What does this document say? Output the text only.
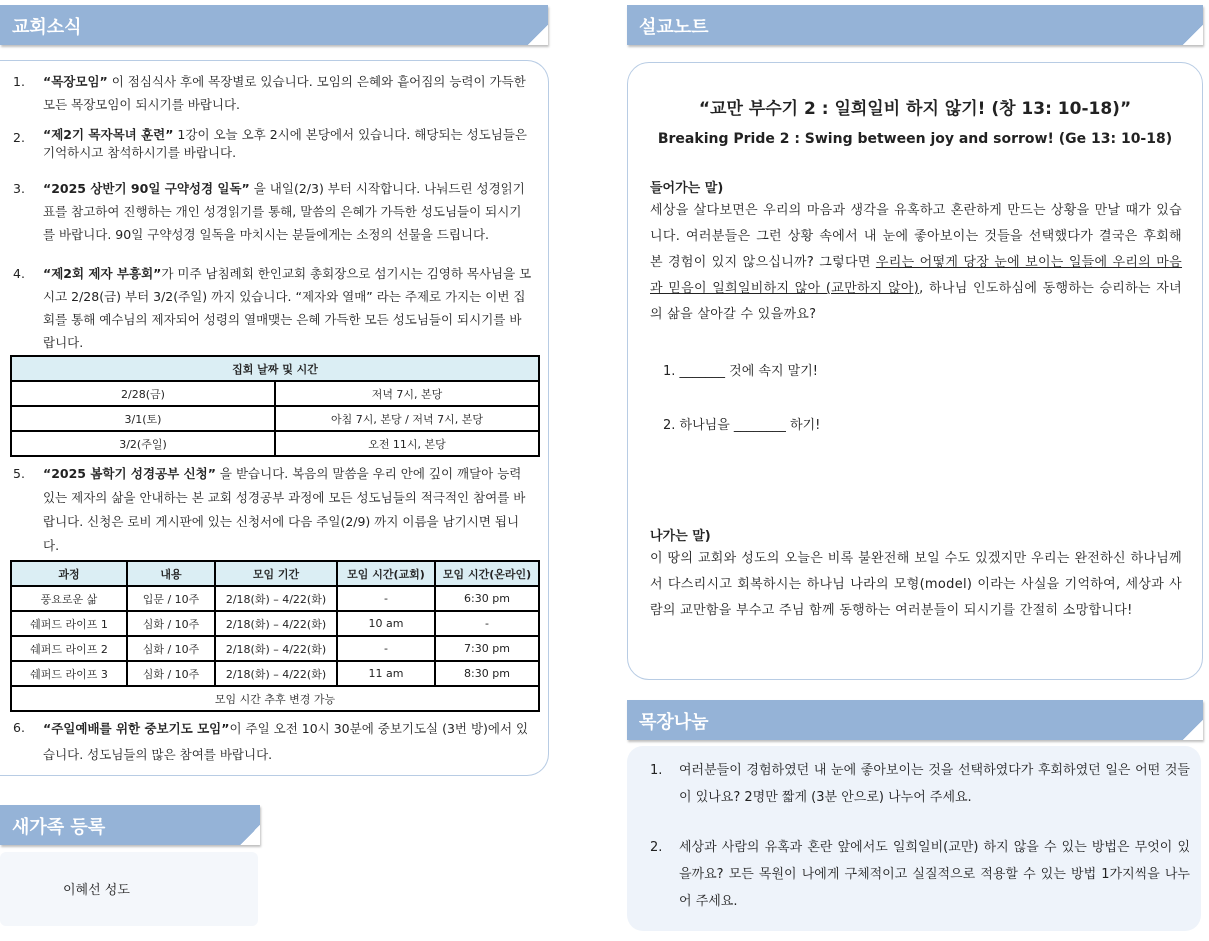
교회소식
1. “목장모임” 이 점심식사 후에 목장별로 있습니다. 모임의 은혜와 흩어짐의 능력이 가득한 모든 목장모임이 되시기를 바랍니다.
2. “제2기 목자목녀 훈련” 1강이 오늘 오후 2시에 본당에서 있습니다. 해당되는 성도님들은 기억하시고 참석하시기를 바랍니다.
3. “2025 상반기 90일 구약성경 일독” 을 내일(2/3) 부터 시작합니다. 나눠드린 성경읽기표를 참고하여 진행하는 개인 성경읽기를 통해, 말씀의 은혜가 가득한 성도님들이 되시기를 바랍니다. 90일 구약성경 일독을 마치시는 분들에게는 소정의 선물을 드립니다.
4. “제2회 제자 부흥회”가 미주 남침례회 한인교회 총회장으로 섬기시는 김영하 목사님을 모시고 2/28(금) 부터 3/2(주일) 까지 있습니다. “제자와 열매” 라는 주제로 가지는 이번 집회를 통해 예수님의 제자되어 성령의 열매맺는 은혜 가득한 모든 성도님들이 되시기를 바랍니다.
집회 날짜 및 시간	
2/28(금)	저녁 7시, 본당
3/1(토)	아침 7시, 본당 / 저녁 7시, 본당
3/2(주일)	오전 11시, 본당
5. “2025 봄학기 성경공부 신청” 을 받습니다. 복음의 말씀을 우리 안에 깊이 깨달아 능력있는 제자의 삶을 안내하는 본 교회 성경공부 과정에 모든 성도님들의 적극적인 참여를 바랍니다. 신청은 로비 게시판에 있는 신청서에 다음 주일(2/9) 까지 이름을 남기시면 됩니다.
과정	내용	모임 기간	모임 시간(교회)	모임 시간(온라인)
풍요로운 삶	입문 / 10주	2/18(화) – 4/22(화)	-	6:30 pm
쉐퍼드 라이프 1	심화 / 10주	2/18(화) – 4/22(화)	10 am	-
쉐퍼드 라이프 2	심화 / 10주	2/18(화) – 4/22(화)	-	7:30 pm
쉐퍼드 라이프 3	심화 / 10주	2/18(화) – 4/22(화)	11 am	8:30 pm
모임 시간 추후 변경 가능				
6. “주일예배를 위한 중보기도 모임”이 주일 오전 10시 30분에 중보기도실 (3번 방)에서 있습니다. 성도님들의 많은 참여를 바랍니다.
새가족 등록
이혜선 성도
설교노트
“교만 부수기 2 : 일희일비 하지 않기! (창 13: 10-18)”
Breaking Pride 2 : Swing between joy and sorrow! (Ge 13: 10-18)
들어가는 말)
세상을 살다보면은 우리의 마음과 생각을 유혹하고 혼란하게 만드는 상황을 만날 때가 있습니다. 여러분들은 그런 상황 속에서 내 눈에 좋아보이는 것들을 선택했다가 결국은 후회해 본 경험이 있지 않으십니까? 그렇다면 우리는 어떻게 당장 눈에 보이는 일들에 우리의 마음과 믿음이 일희일비하지 않아 (교만하지 않아), 하나님 인도하심에 동행하는 승리하는 자녀의 삶을 살아갈 수 있을까요?
1. _______ 것에 속지 말기!
2. 하나님을 ________ 하기!
나가는 말)
이 땅의 교회와 성도의 오늘은 비록 불완전해 보일 수도 있겠지만 우리는 완전하신 하나님께서 다스리시고 회복하시는 하나님 나라의 모형(model) 이라는 사실을 기억하여, 세상과 사람의 교만함을 부수고 주님 함께 동행하는 여러분들이 되시기를 간절히 소망합니다!
목장나눔
1. 여러분들이 경험하였던 내 눈에 좋아보이는 것을 선택하였다가 후회하였던 일은 어떤 것들이 있나요? 2명만 짧게 (3분 안으로) 나누어 주세요.
2. 세상과 사람의 유혹과 혼란 앞에서도 일희일비(교만) 하지 않을 수 있는 방법은 무엇이 있을까요? 모든 목원이 나에게 구체적이고 실질적으로 적용할 수 있는 방법 1가지씩을 나누어 주세요.
